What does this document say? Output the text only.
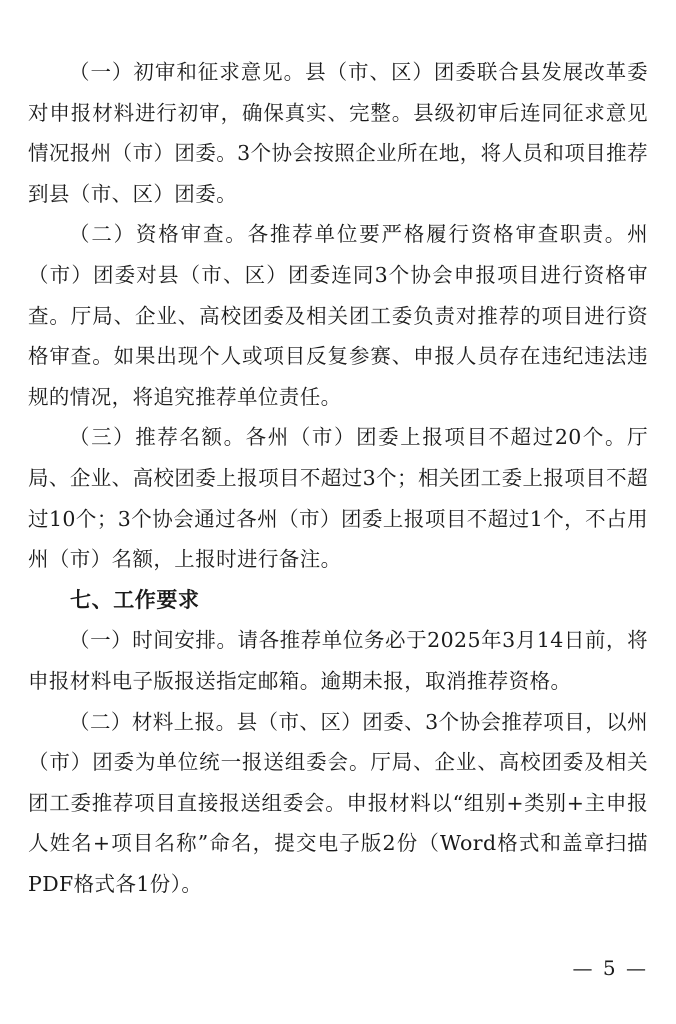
（一）初审和征求意见。县（市、区）团委联合县发展改革委对申报材料进行初审，确保真实、完整。县级初审后连同征求意见情况报州（市）团委。3个协会按照企业所在地，将人员和项目推荐到县（市、区）团委。

（二）资格审查。各推荐单位要严格履行资格审查职责。州（市）团委对县（市、区）团委连同3个协会申报项目进行资格审查。厅局、企业、高校团委及相关团工委负责对推荐的项目进行资格审查。如果出现个人或项目反复参赛、申报人员存在违纪违法违规的情况，将追究推荐单位责任。

（三）推荐名额。各州（市）团委上报项目不超过20个。厅局、企业、高校团委上报项目不超过3个；相关团工委上报项目不超过10个；3个协会通过各州（市）团委上报项目不超过1个，不占用州（市）名额，上报时进行备注。

七、工作要求

（一）时间安排。请各推荐单位务必于2025年3月14日前，将申报材料电子版报送指定邮箱。逾期未报，取消推荐资格。

（二）材料上报。县（市、区）团委、3个协会推荐项目，以州（市）团委为单位统一报送组委会。厅局、企业、高校团委及相关团工委推荐项目直接报送组委会。申报材料以“组别+类别+主申报人姓名+项目名称”命名，提交电子版2份（Word格式和盖章扫描PDF格式各1份）。

— 5 —
